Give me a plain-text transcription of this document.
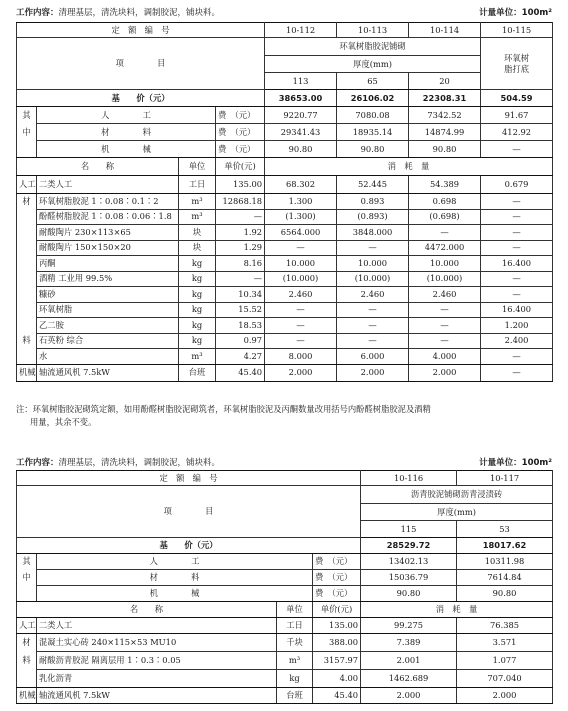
工作内容：清理基层，清洗块料，调制胶泥，铺块料。	计量单位：100m²
定　额　编　号				10-112	10-113	10-114	10-115
项　　　　目				环氧树脂胶泥铺砌			环氧树脂打底
				厚度(mm)			
				113	65	20	
基　　价（元）				38653.00	26106.02	22308.31	504.59
其	人　　　　工		费　（元）	9220.77	7080.08	7342.52	91.67
中	材　　　　料		费　（元）	29341.43	18935.14	14874.99	412.92
	机　　　　械		费　（元）	90.80	90.80	90.80	—
名　　称		单位	单价(元)	消　耗　量			
人工	二类人工	工日	135.00	68.302	52.445	54.389	0.679
材	环氧树脂胶泥 1∶0.08∶0.1∶2	m³	12868.18	1.300	0.893	0.698	—
	酚醛树脂胶泥 1∶0.08∶0.06∶1.8	m³	—	(1.300)	(0.893)	(0.698)	—
	耐酸陶片 230×113×65	块	1.92	6564.000	3848.000	—	—
	耐酸陶片 150×150×20	块	1.29	—	—	4472.000	—
	丙酮	kg	8.16	10.000	10.000	10.000	16.400
	酒精 工业用 99.5%	kg	—	(10.000)	(10.000)	(10.000)	—
	糠砂	kg	10.34	2.460	2.460	2.460	—
	环氧树脂	kg	15.52	—	—	—	16.400
	乙二胺	kg	18.53	—	—	—	1.200
料	石英粉 综合	kg	0.97	—	—	—	2.400
	水	m³	4.27	8.000	6.000	4.000	—
机械	轴流通风机 7.5kW	台班	45.40	2.000	2.000	2.000	—
注：环氧树脂胶泥砌筑定额，如用酚醛树脂胶泥砌筑者，环氧树脂胶泥及丙酮数量改用括号内酚醛树脂胶泥及酒精
用量，其余不变。
工作内容：清理基层，清洗块料，调制胶泥，铺块料。	计量单位：100m²
定　额　编　号				10-116	10-117
项　　　　目				沥青胶泥铺砌沥青浸渍砖	
				厚度(mm)	
				115	53
基　　价（元）				28529.72	18017.62
其	人　　　　工		费　（元）	13402.13	10311.98
中	材　　　　料		费　（元）	15036.79	7614.84
	机　　　　械		费　（元）	90.80	90.80
名　　称		单位	单价(元)	消　耗　量	
人工	二类人工	工日	135.00	99.275	76.385
材	混凝土实心砖 240×115×53 MU10	千块	388.00	7.389	3.571
料	耐酸沥青胶泥 隔离层用 1∶0.3∶0.05	m³	3157.97	2.001	1.077
	乳化沥青	kg	4.00	1462.689	707.040
机械	轴流通风机 7.5kW	台班	45.40	2.000	2.000
